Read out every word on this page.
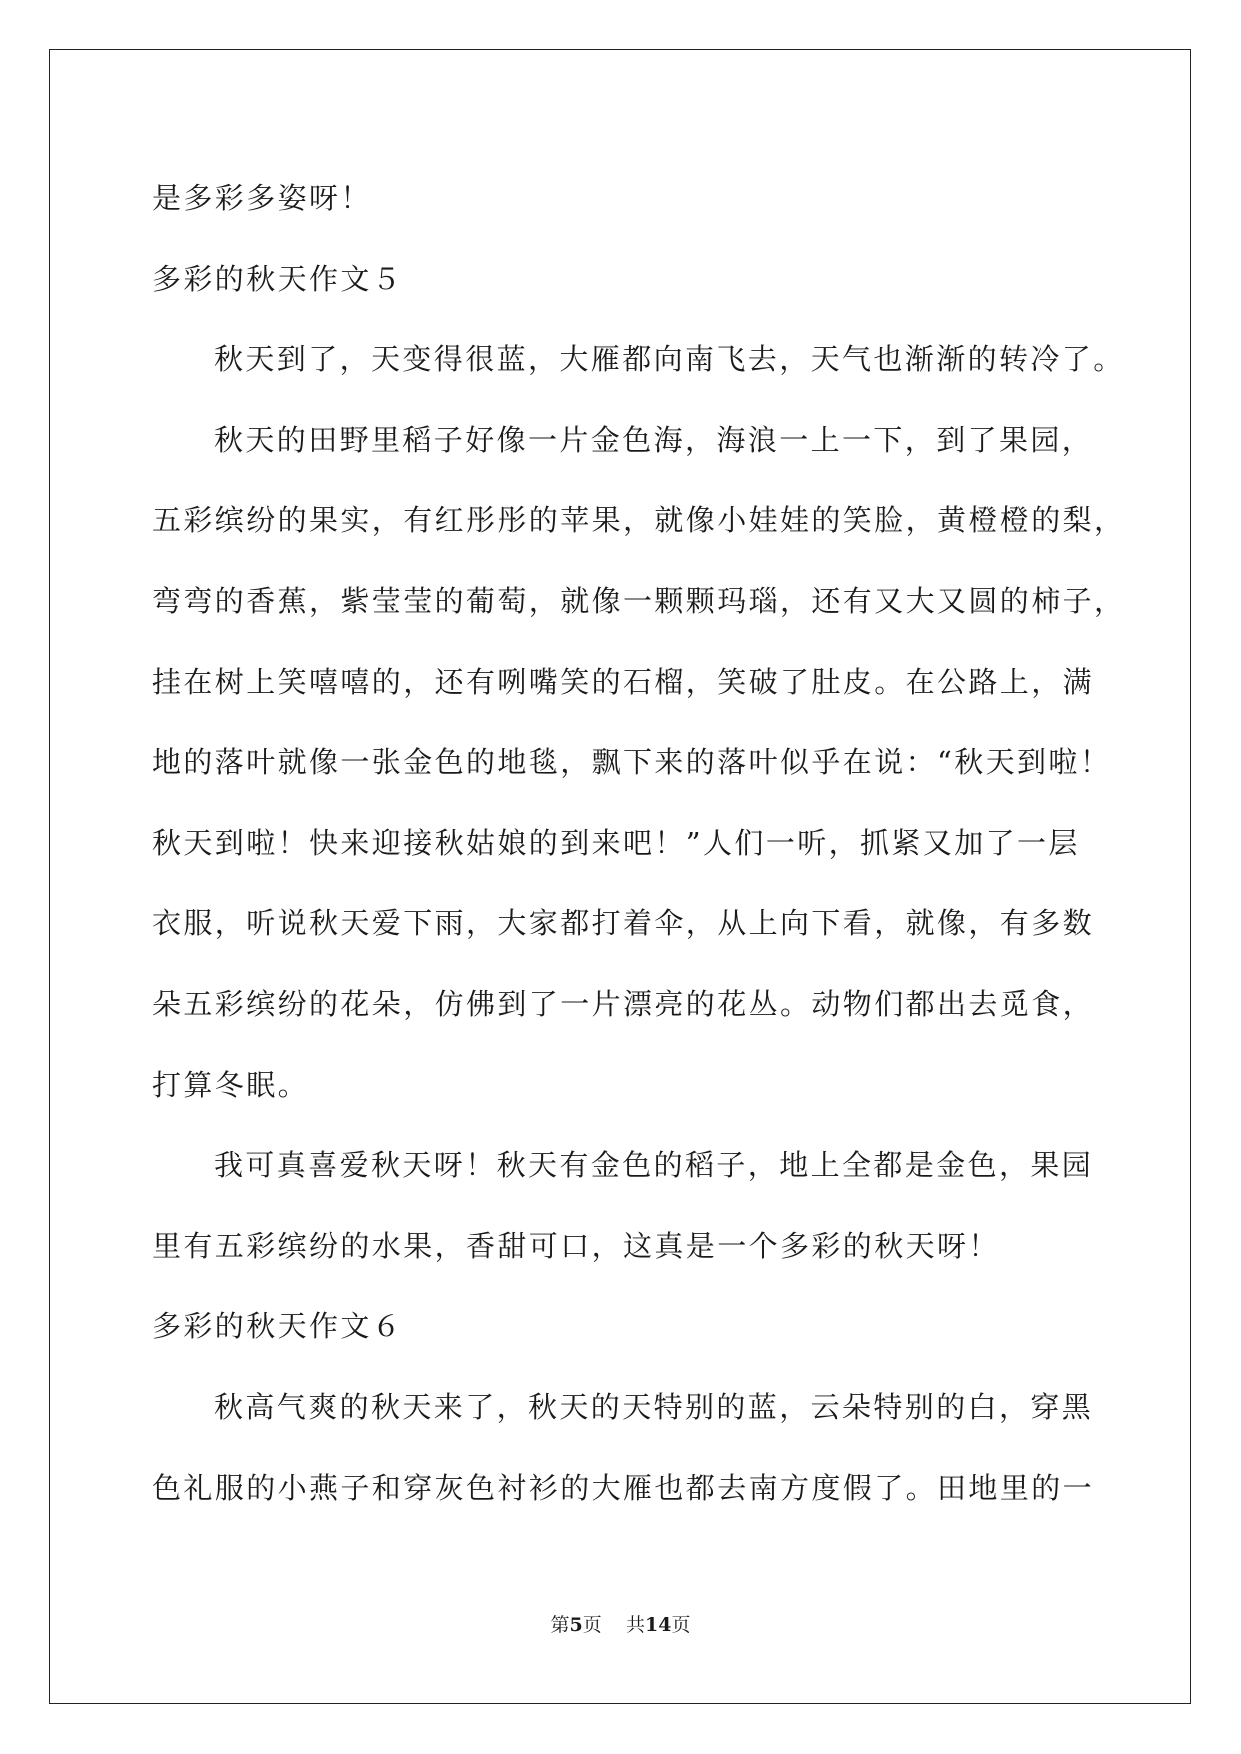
是多彩多姿呀！

多彩的秋天作文５

秋天到了，天变得很蓝，大雁都向南飞去，天气也渐渐的转冷了。

秋天的田野里稻子好像一片金色海，海浪一上一下，到了果园，

五彩缤纷的果实，有红彤彤的苹果，就像小娃娃的笑脸，黄橙橙的梨，

弯弯的香蕉，紫莹莹的葡萄，就像一颗颗玛瑙，还有又大又圆的柿子，

挂在树上笑嘻嘻的，还有咧嘴笑的石榴，笑破了肚皮。在公路上，满

地的落叶就像一张金色的地毯，飘下来的落叶似乎在说：“秋天到啦！

秋天到啦！快来迎接秋姑娘的到来吧！”人们一听，抓紧又加了一层

衣服，听说秋天爱下雨，大家都打着伞，从上向下看，就像，有多数

朵五彩缤纷的花朵，仿佛到了一片漂亮的花丛。动物们都出去觅食，

打算冬眠。

我可真喜爱秋天呀！秋天有金色的稻子，地上全都是金色，果园

里有五彩缤纷的水果，香甜可口，这真是一个多彩的秋天呀！

多彩的秋天作文６

秋高气爽的秋天来了，秋天的天特别的蓝，云朵特别的白，穿黑

色礼服的小燕子和穿灰色衬衫的大雁也都去南方度假了。田地里的一

第5页 共14页
